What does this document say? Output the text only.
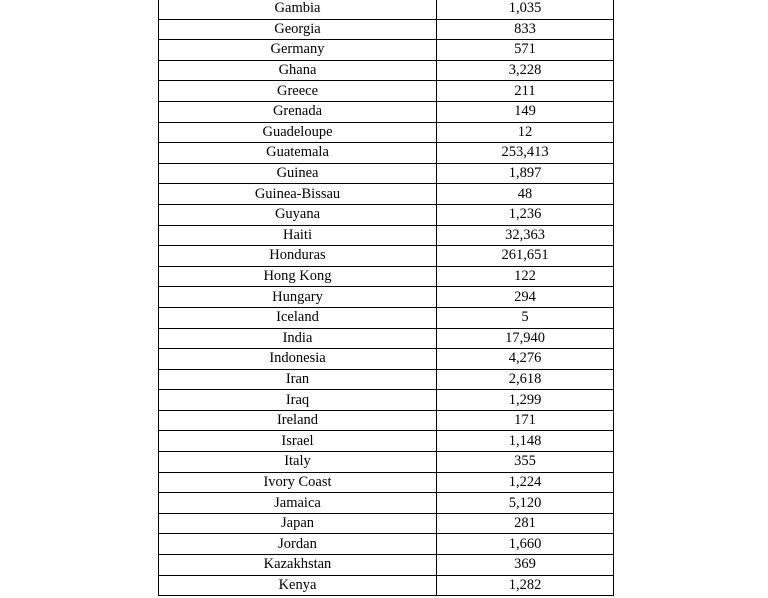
Gambia	1,035
Georgia	833
Germany	571
Ghana	3,228
Greece	211
Grenada	149
Guadeloupe	12
Guatemala	253,413
Guinea	1,897
Guinea-Bissau	48
Guyana	1,236
Haiti	32,363
Honduras	261,651
Hong Kong	122
Hungary	294
Iceland	5
India	17,940
Indonesia	4,276
Iran	2,618
Iraq	1,299
Ireland	171
Israel	1,148
Italy	355
Ivory Coast	1,224
Jamaica	5,120
Japan	281
Jordan	1,660
Kazakhstan	369
Kenya	1,282
